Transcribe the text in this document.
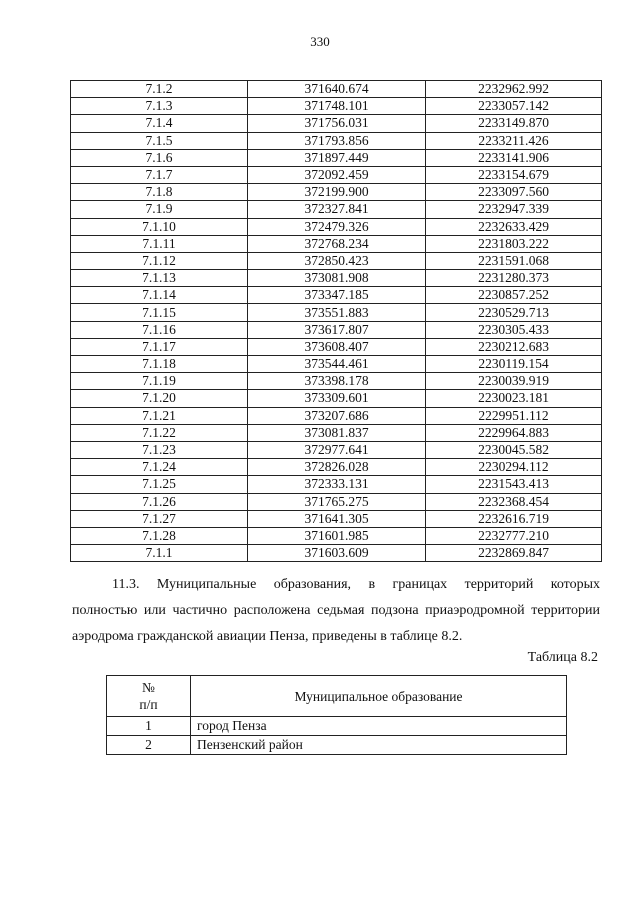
330
7.1.2	371640.674	2232962.992
7.1.3	371748.101	2233057.142
7.1.4	371756.031	2233149.870
7.1.5	371793.856	2233211.426
7.1.6	371897.449	2233141.906
7.1.7	372092.459	2233154.679
7.1.8	372199.900	2233097.560
7.1.9	372327.841	2232947.339
7.1.10	372479.326	2232633.429
7.1.11	372768.234	2231803.222
7.1.12	372850.423	2231591.068
7.1.13	373081.908	2231280.373
7.1.14	373347.185	2230857.252
7.1.15	373551.883	2230529.713
7.1.16	373617.807	2230305.433
7.1.17	373608.407	2230212.683
7.1.18	373544.461	2230119.154
7.1.19	373398.178	2230039.919
7.1.20	373309.601	2230023.181
7.1.21	373207.686	2229951.112
7.1.22	373081.837	2229964.883
7.1.23	372977.641	2230045.582
7.1.24	372826.028	2230294.112
7.1.25	372333.131	2231543.413
7.1.26	371765.275	2232368.454
7.1.27	371641.305	2232616.719
7.1.28	371601.985	2232777.210
7.1.1	371603.609	2232869.847
11.3. Муниципальные образования, в границах территорий которых
полностью или частично расположена седьмая подзона приаэродромной территории
аэродрома гражданской авиации Пенза, приведены в таблице 8.2.
Таблица 8.2
№
п/п	Муниципальное образование
1	город Пенза
2	Пензенский район
